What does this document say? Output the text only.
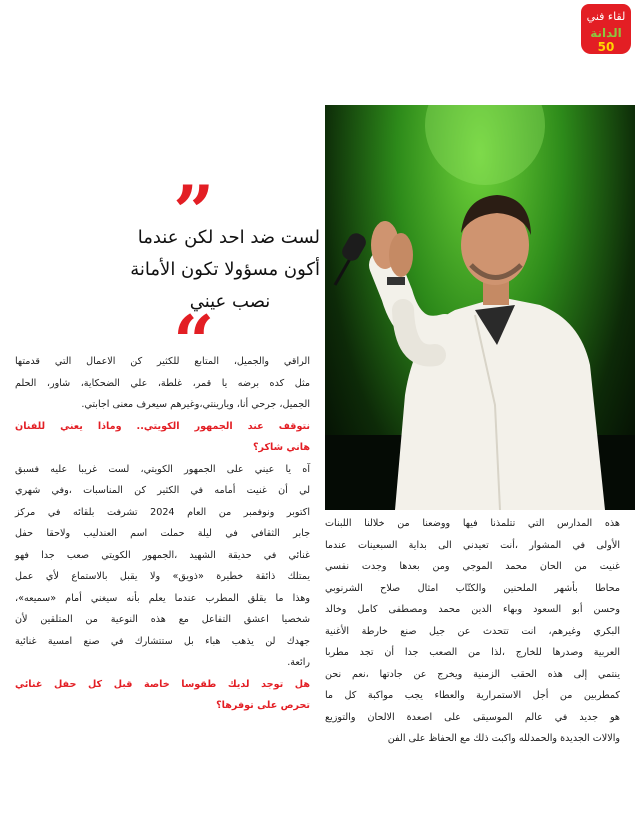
لقاء فني
الدانة
50
”
لست ضد احد لكن عندما
أكون مسؤولا تكون الأمانة
نصب عيني
“
الراقي والجميل، المتابع للكثير كن الاعمال التي قدمتها
مثل كده برضه يا قمر، غلطة، علي الضحكاية، شاور، الحلم
الجميل، جرحي أنا، ويارينتي،وغيرهم سيعرف معنى اجابتي.
نتوقف عند الجمهور الكويتي.. وماذا يعني للفنان
هاني شاكر؟
آه يا عيني على الجمهور الكويتي، لست غريبا عليه فسبق
لي أن غنيت أمامه في الكثير كن المناسبات ،وفي شهري
اكتوبر ونوفمبر من العام 2024 تشرفت بلقائه في مركز
جابر الثقافي في ليلة حملت اسم العندليب ولاحقا حفل
غنائي في حديقة الشهيد ،الجمهور الكويتي صعب جدا فهو
يمتلك ذائقة خطيرة «ذويق» ولا يقبل بالاستماع لأي عمل
وهذا ما يقلق المطرب عندما يعلم بأنه سيغني أمام «سميعه»،
شخصيا اعشق التفاعل مع هذه النوعية من المتلقين لأن
جهدك لن يذهب هباء بل ستتشارك في صنع امسية غنائية
رائعة.
هل توجد لديك طقوسا خاصة قبل كل حفل غنائي
تحرص على توفرها؟
هذه المدارس التي تتلمذنا فيها ووضعنا من خلالنا اللبنات
الأولى في المشوار ،أنت تعيدني الى بداية السبعينات عندما
غنيت من الحان محمد الموجي ومن بعدها وجدت نفسي
محاطا بأشهر الملحنين والكتّاب امثال صلاح الشرنوبي
وحسن أبو السعود وبهاء الدين محمد ومصطفى كامل وخالد
البكري وغيرهم، انت تتحدث عن جيل صنع خارطة الأغنية
العربية وصدرها للخارج ،لذا من الصعب جدا أن تجد مطربا
ينتمي إلى هذه الحقب الزمنية ويخرج عن جادتها ،نعم نحن
كمطربين من أجل الاستمرارية والعطاء يجب مواكبة كل ما
هو جديد في عالم الموسيقى على اصعدة الالحان والتوزيع
والالات الجديدة والحمدلله واكبت ذلك مع الحفاظ على الفن
